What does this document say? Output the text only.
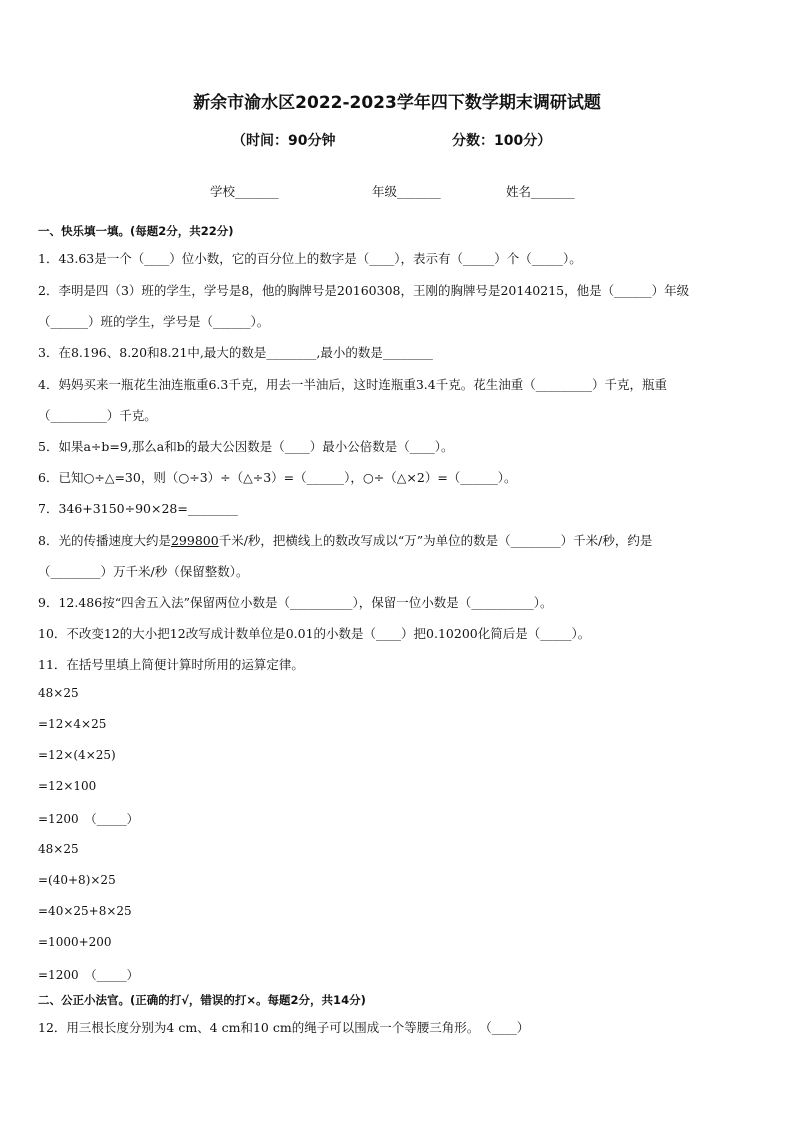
新余市渝水区2022-2023学年四下数学期末调研试题
（时间：90分钟	分数：100分）
学校_______	年级_______	姓名_______
一、快乐填一填。(每题2分，共22分)
1．43.63是一个（____）位小数，它的百分位上的数字是（____），表示有（_____）个（_____）。
2．李明是四（3）班的学生，学号是8，他的胸牌号是20160308，王刚的胸牌号是20140215，他是（______）年级
（______）班的学生，学号是（______）。
3．在8.196、8.20和8.21中,最大的数是________,最小的数是________
4．妈妈买来一瓶花生油连瓶重6.3千克，用去一半油后，这时连瓶重3.4千克。花生油重（_________）千克，瓶重
（_________）千克。
5．如果a÷b=9,那么a和b的最大公因数是（____）最小公倍数是（____）。
6．已知○÷△=30，则（○÷3）÷（△÷3）=（______），○÷（△×2）=（______）。
7．346+3150÷90×28=________
8．光的传播速度大约是299800千米/秒，把横线上的数改写成以“万”为单位的数是（________）千米/秒，约是
（________）万千米/秒（保留整数）。
9．12.486按“四舍五入法”保留两位小数是（__________），保留一位小数是（__________）。
10．不改变12的大小把12改写成计数单位是0.01的小数是（____）把0.10200化简后是（_____）。
11．在括号里填上简便计算时所用的运算定律。
48×25
=12×4×25
=12×(4×25)
=12×100
=1200　（_____）
48×25
=(40+8)×25
=40×25+8×25
=1000+200
=1200　（_____）
二、公正小法官。(正确的打√，错误的打×。每题2分，共14分)
12．用三根长度分别为4 cm、4 cm和10 cm的绳子可以围成一个等腰三角形。　（____）
